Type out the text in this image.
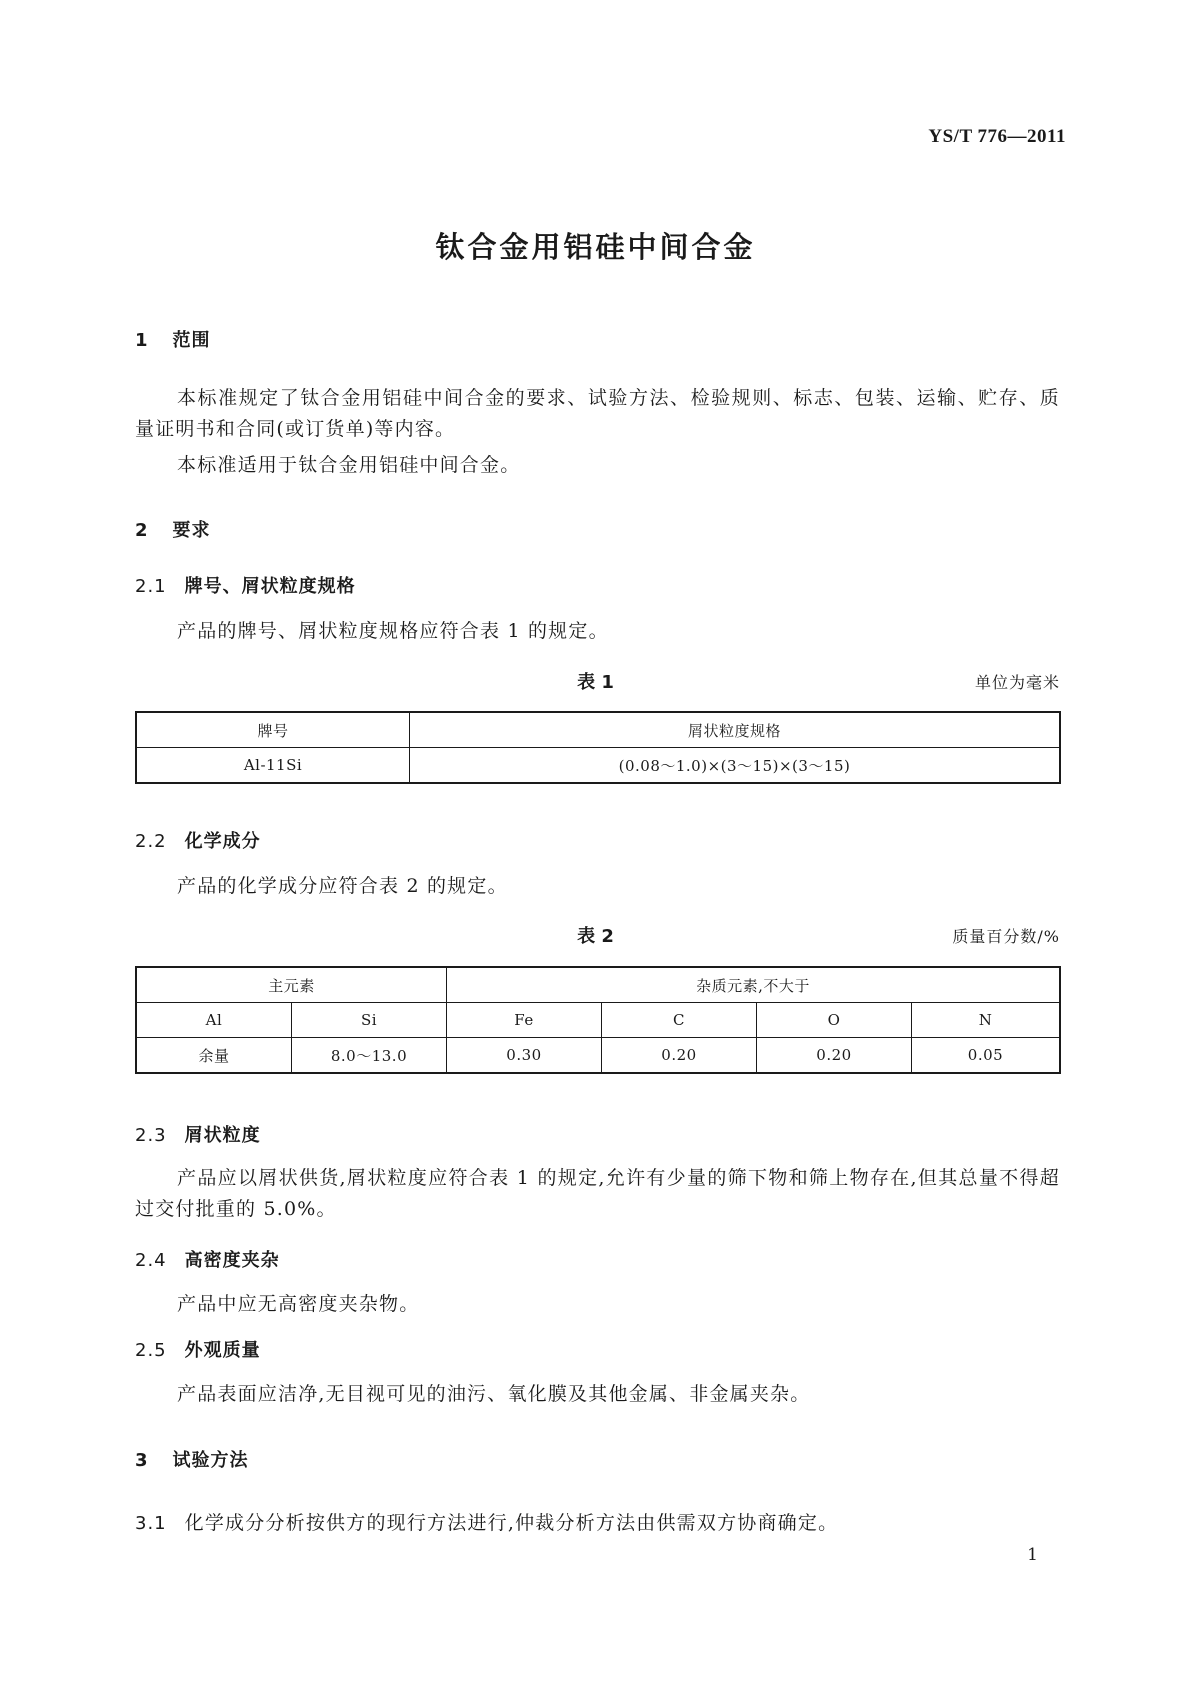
YS/T 776—2011
钛合金用铝硅中间合金
1 范围
本标准规定了钛合金用铝硅中间合金的要求、试验方法、检验规则、标志、包装、运输、贮存、质量证明书和合同(或订货单)等内容。
本标准适用于钛合金用铝硅中间合金。
2 要求
2.1 牌号、屑状粒度规格
产品的牌号、屑状粒度规格应符合表 1 的规定。
表 1	单位为毫米
牌号	屑状粒度规格
Al-11Si	(0.08～1.0)×(3～15)×(3～15)
2.2 化学成分
产品的化学成分应符合表 2 的规定。
表 2	质量百分数/%
主元素		杂质元素,不大于			
Al	Si	Fe	C	O	N
余量	8.0～13.0	0.30	0.20	0.20	0.05
2.3 屑状粒度
产品应以屑状供货,屑状粒度应符合表 1 的规定,允许有少量的筛下物和筛上物存在,但其总量不得超过交付批重的 5.0%。
2.4 高密度夹杂
产品中应无高密度夹杂物。
2.5 外观质量
产品表面应洁净,无目视可见的油污、氧化膜及其他金属、非金属夹杂。
3 试验方法
3.1 化学成分分析按供方的现行方法进行,仲裁分析方法由供需双方协商确定。
1
